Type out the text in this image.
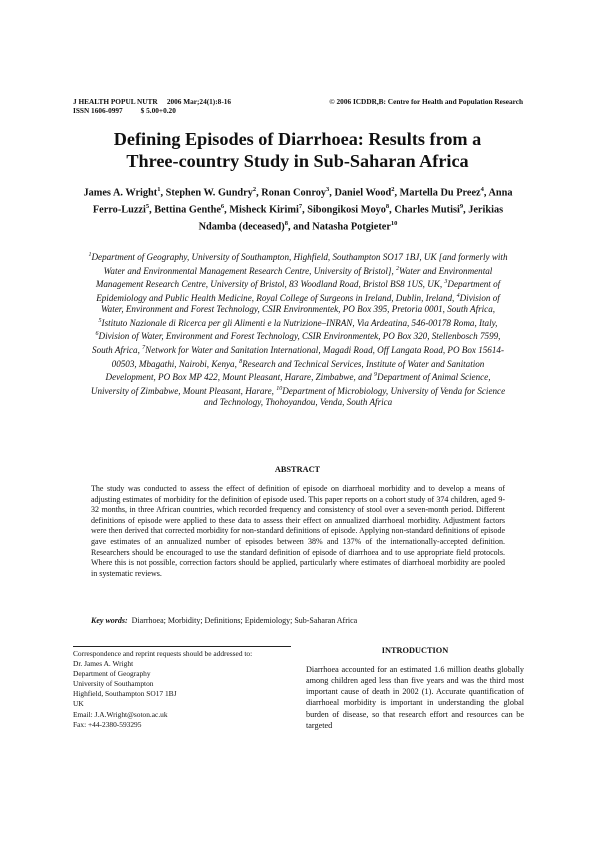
J HEALTH POPUL NUTR 2006 Mar;24(1):8-16	© 2006 ICDDR,B: Centre for Health and Population Research
ISSN 1606-0997 $ 5.00+0.20
Defining Episodes of Diarrhoea: Results from a
Three-country Study in Sub-Saharan Africa
James A. Wright$^1$, Stephen W. Gundry$^2$, Ronan Conroy$^3$, Daniel Wood$^2$, Martella Du Preez$^4$, Anna Ferro-Luzzi$^5$, Bettina Genthe$^6$, Misheck Kirimi$^7$, Sibongikosi Moyo$^8$, Charles Mutisi$^9$, Jerikias Ndamba (deceased)$^8$, and Natasha Potgieter$^{10}$
$^1$Department of Geography, University of Southampton, Highfield, Southampton SO17 1BJ, UK [and formerly with Water and Environmental Management Research Centre, University of Bristol], $^2$Water and Environmental Management Research Centre, University of Bristol, 83 Woodland Road, Bristol BS8 1US, UK, $^3$Department of Epidemiology and Public Health Medicine, Royal College of Surgeons in Ireland, Dublin, Ireland, $^4$Division of Water, Environment and Forest Technology, CSIR Environmentek, PO Box 395, Pretoria 0001, South Africa, $^5$Istituto Nazionale di Ricerca per gli Alimenti e la Nutrizione–INRAN, Via Ardeatina, 546-00178 Roma, Italy, $^6$Division of Water, Environment and Forest Technology, CSIR Environmentek, PO Box 320, Stellenbosch 7599, South Africa, $^7$Network for Water and Sanitation International, Magadi Road, Off Langata Road, PO Box 15614-00503, Mbagathi, Nairobi, Kenya, $^8$Research and Technical Services, Institute of Water and Sanitation Development, PO Box MP 422, Mount Pleasant, Harare, Zimbabwe, and $^9$Department of Animal Science, University of Zimbabwe, Mount Pleasant, Harare, $^{10}$Department of Microbiology, University of Venda for Science and Technology, Thohoyandou, Venda, South Africa
ABSTRACT
The study was conducted to assess the effect of definition of episode on diarrhoeal morbidity and to develop a means of adjusting estimates of morbidity for the definition of episode used. This paper reports on a cohort study of 374 children, aged 9-32 months, in three African countries, which recorded frequency and consistency of stool over a seven-month period. Different definitions of episode were applied to these data to assess their effect on annualized diarrhoeal morbidity. Adjustment factors were then derived that corrected morbidity for non-standard definitions of episode. Applying non-standard definitions of episode gave estimates of an annualized number of episodes between 38% and 137% of the internationally-accepted definition. Researchers should be encouraged to use the standard definition of episode of diarrhoea and to use appropriate field protocols. Where this is not possible, correction factors should be applied, particularly where estimates of diarrhoeal morbidity are pooled in systematic reviews.
Key words: Diarrhoea; Morbidity; Definitions; Epidemiology; Sub-Saharan Africa
Correspondence and reprint requests should be addressed to:
Dr. James A. Wright
Department of Geography
University of Southampton
Highfield, Southampton SO17 1BJ
UK
Email: J.A.Wright@soton.ac.uk
Fax: +44-2380-593295
INTRODUCTION
Diarrhoea accounted for an estimated 1.6 million deaths globally among children aged less than five years and was the third most important cause of death in 2002 (1). Accurate quantification of diarrhoeal morbidity is important in understanding the global burden of disease, so that research effort and resources can be targeted
